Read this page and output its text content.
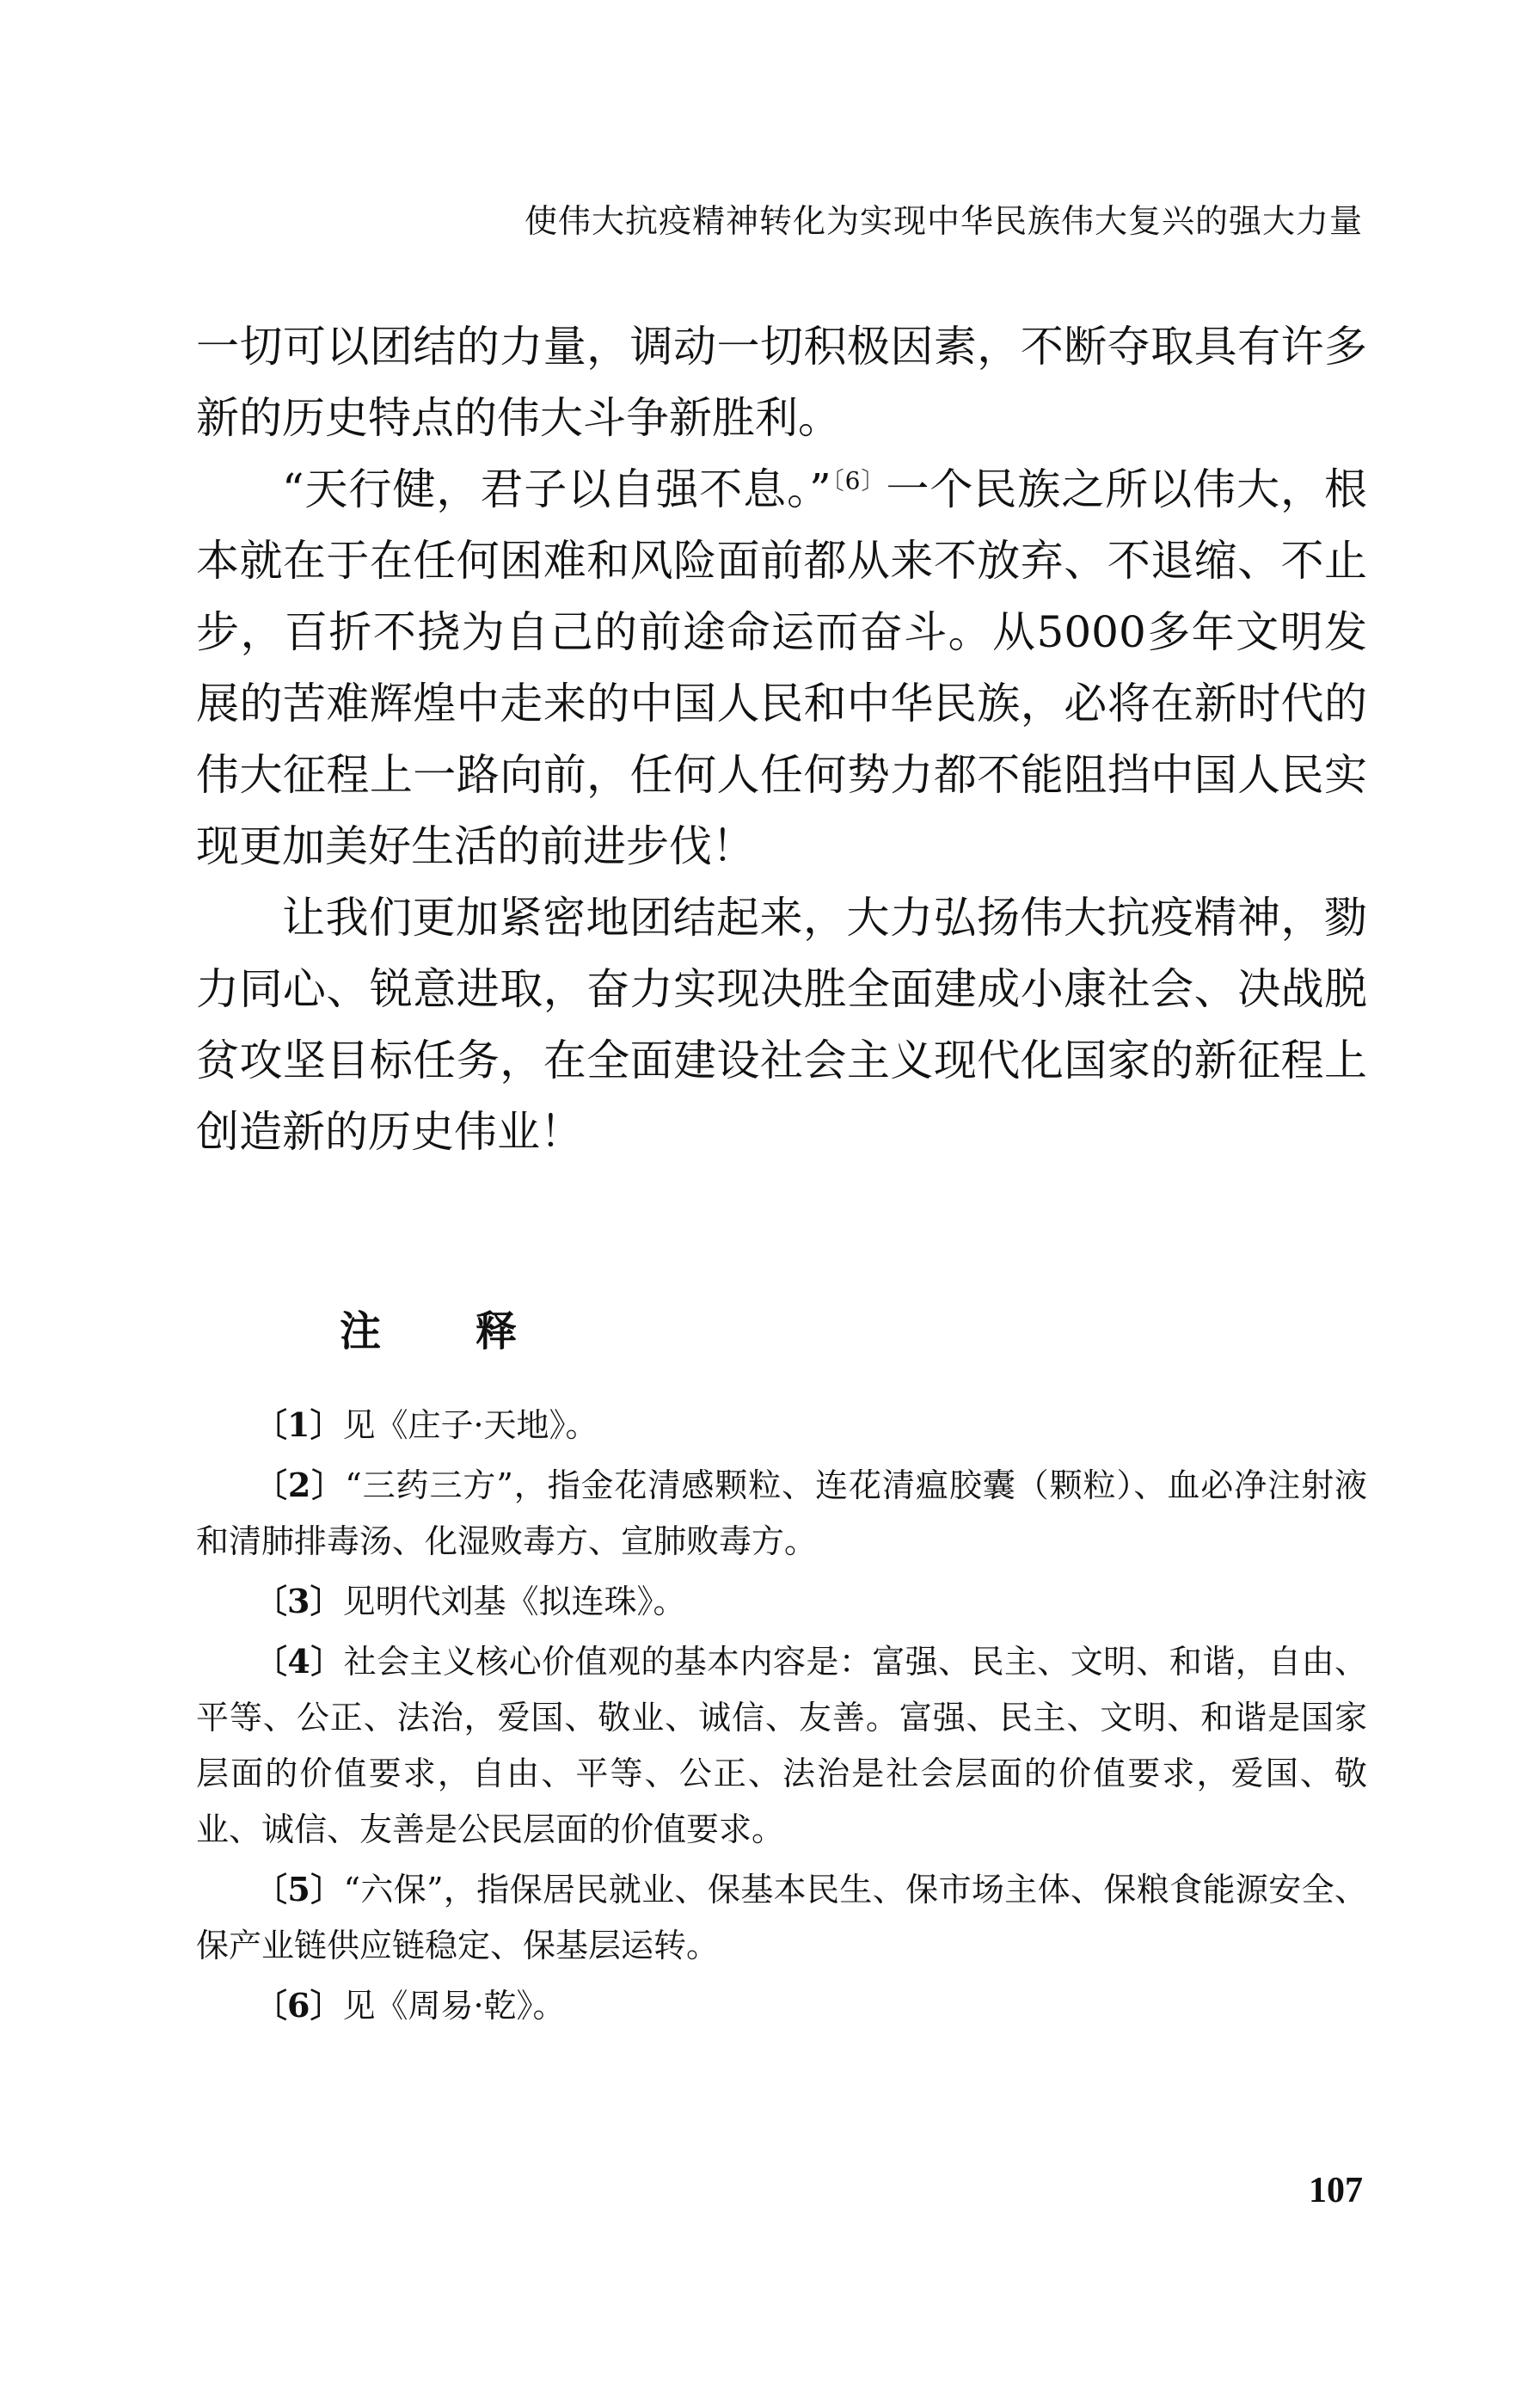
使伟大抗疫精神转化为实现中华民族伟大复兴的强大力量

一切可以团结的力量，调动一切积极因素，不断夺取具有许多新的历史特点的伟大斗争新胜利。

“天行健，君子以自强不息。”$^{〔6〕}$一个民族之所以伟大，根本就在于在任何困难和风险面前都从来不放弃、不退缩、不止步，百折不挠为自己的前途命运而奋斗。从5000多年文明发展的苦难辉煌中走来的中国人民和中华民族，必将在新时代的伟大征程上一路向前，任何人任何势力都不能阻挡中国人民实现更加美好生活的前进步伐！

让我们更加紧密地团结起来，大力弘扬伟大抗疫精神，勠力同心、锐意进取，奋力实现决胜全面建成小康社会、决战脱贫攻坚目标任务，在全面建设社会主义现代化国家的新征程上创造新的历史伟业！

注 释

〔1〕见《庄子·天地》。

〔2〕“三药三方”，指金花清感颗粒、连花清瘟胶囊（颗粒）、血必净注射液和清肺排毒汤、化湿败毒方、宣肺败毒方。

〔3〕见明代刘基《拟连珠》。

〔4〕社会主义核心价值观的基本内容是：富强、民主、文明、和谐，自由、平等、公正、法治，爱国、敬业、诚信、友善。富强、民主、文明、和谐是国家层面的价值要求，自由、平等、公正、法治是社会层面的价值要求，爱国、敬业、诚信、友善是公民层面的价值要求。

〔5〕“六保”，指保居民就业、保基本民生、保市场主体、保粮食能源安全、保产业链供应链稳定、保基层运转。

〔6〕见《周易·乾》。

107
